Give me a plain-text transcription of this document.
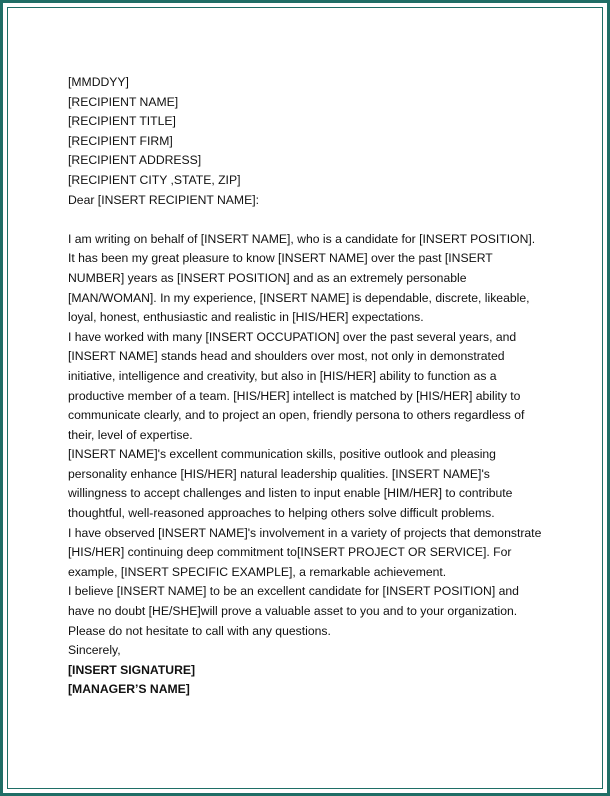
[MMDDYY]
[RECIPIENT NAME]
[RECIPIENT TITLE]
[RECIPIENT FIRM]
[RECIPIENT ADDRESS]
[RECIPIENT CITY ,STATE, ZIP]
Dear [INSERT RECIPIENT NAME]:
I am writing on behalf of [INSERT NAME], who is a candidate for [INSERT POSITION].
It has been my great pleasure to know [INSERT NAME] over the past [INSERT
NUMBER] years as [INSERT POSITION] and as an extremely personable
[MAN/WOMAN]. In my experience, [INSERT NAME] is dependable, discrete, likeable,
loyal, honest, enthusiastic and realistic in [HIS/HER] expectations.
I have worked with many [INSERT OCCUPATION] over the past several years, and
[INSERT NAME] stands head and shoulders over most, not only in demonstrated
initiative, intelligence and creativity, but also in [HIS/HER] ability to function as a
productive member of a team. [HIS/HER] intellect is matched by [HIS/HER] ability to
communicate clearly, and to project an open, friendly persona to others regardless of
their, level of expertise.
[INSERT NAME]'s excellent communication skills, positive outlook and pleasing
personality enhance [HIS/HER] natural leadership qualities. [INSERT NAME]'s
willingness to accept challenges and listen to input enable [HIM/HER] to contribute
thoughtful, well-reasoned approaches to helping others solve difficult problems.
I have observed [INSERT NAME]'s involvement in a variety of projects that demonstrate
[HIS/HER] continuing deep commitment to[INSERT PROJECT OR SERVICE]. For
example, [INSERT SPECIFIC EXAMPLE], a remarkable achievement.
I believe [INSERT NAME] to be an excellent candidate for [INSERT POSITION] and
have no doubt [HE/SHE]will prove a valuable asset to you and to your organization.
Please do not hesitate to call with any questions.
Sincerely,
[INSERT SIGNATURE]
[MANAGER’S NAME]
